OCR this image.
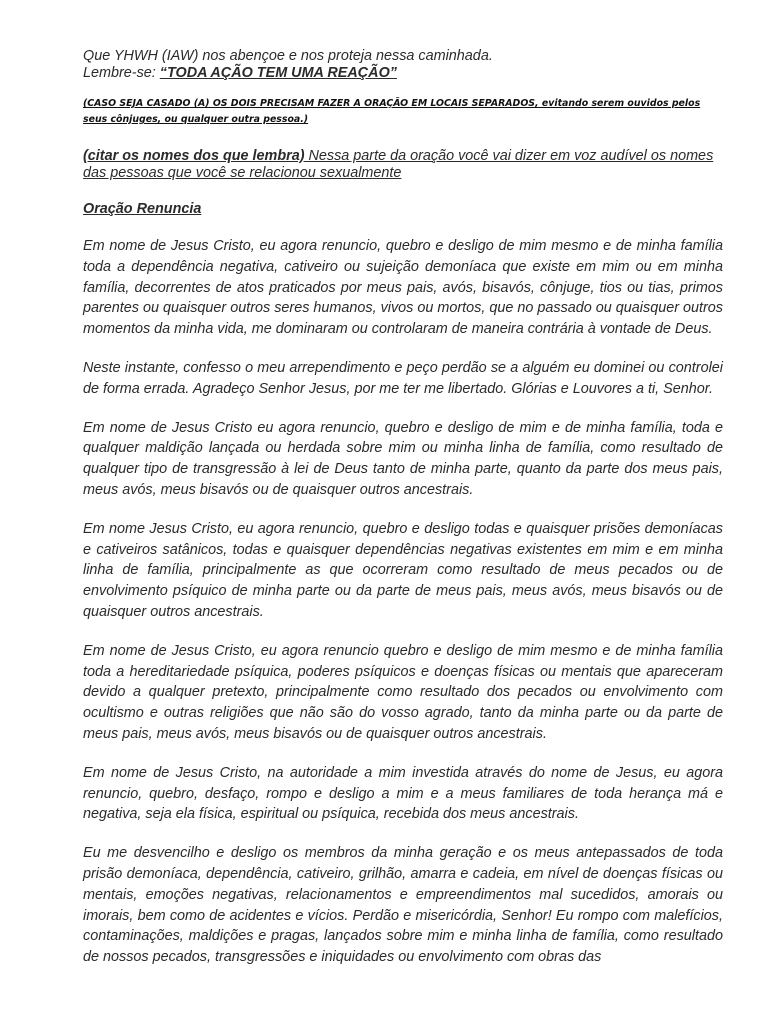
Que YHWH (IAW) nos abençoe e nos proteja nessa caminhada.
Lembre-se: “TODA AÇÃO TEM UMA REAÇÃO”
(CASO SEJA CASADO (A) OS DOIS PRECISAM FAZER A ORAÇÃO EM LOCAIS SEPARADOS, evitando serem ouvidos pelos seus cônjuges, ou qualquer outra pessoa.)
(citar os nomes dos que lembra) Nessa parte da oração você vai dizer em voz audível os nomes das pessoas que você se relacionou sexualmente
Oração Renuncia
Em nome de Jesus Cristo, eu agora renuncio, quebro e desligo de mim mesmo e de minha família toda a dependência negativa, cativeiro ou sujeição demoníaca que existe em mim ou em minha família, decorrentes de atos praticados por meus pais, avós, bisavós, cônjuge, tios ou tias, primos parentes ou quaisquer outros seres humanos, vivos ou mortos, que no passado ou quaisquer outros momentos da minha vida, me dominaram ou controlaram de maneira contrária à vontade de Deus.
Neste instante, confesso o meu arrependimento e peço perdão se a alguém eu dominei ou controlei de forma errada. Agradeço Senhor Jesus, por me ter me libertado. Glórias e Louvores a ti, Senhor.
Em nome de Jesus Cristo eu agora renuncio, quebro e desligo de mim e de minha família, toda e qualquer maldição lançada ou herdada sobre mim ou minha linha de família, como resultado de qualquer tipo de transgressão à lei de Deus tanto de minha parte, quanto da parte dos meus pais, meus avós, meus bisavós ou de quaisquer outros ancestrais.
Em nome Jesus Cristo, eu agora renuncio, quebro e desligo todas e quaisquer prisões demoníacas e cativeiros satânicos, todas e quaisquer dependências negativas existentes em mim e em minha linha de família, principalmente as que ocorreram como resultado de meus pecados ou de envolvimento psíquico de minha parte ou da parte de meus pais, meus avós, meus bisavós ou de quaisquer outros ancestrais.
Em nome de Jesus Cristo, eu agora renuncio quebro e desligo de mim mesmo e de minha família toda a hereditariedade psíquica, poderes psíquicos e doenças físicas ou mentais que apareceram devido a qualquer pretexto, principalmente como resultado dos pecados ou envolvimento com ocultismo e outras religiões que não são do vosso agrado, tanto da minha parte ou da parte de meus pais, meus avós, meus bisavós ou de quaisquer outros ancestrais.
Em nome de Jesus Cristo, na autoridade a mim investida através do nome de Jesus, eu agora renuncio, quebro, desfaço, rompo e desligo a mim e a meus familiares de toda herança má e negativa, seja ela física, espiritual ou psíquica, recebida dos meus ancestrais.
Eu me desvencilho e desligo os membros da minha geração e os meus antepassados de toda prisão demoníaca, dependência, cativeiro, grilhão, amarra e cadeia, em nível de doenças físicas ou mentais, emoções negativas, relacionamentos e empreendimentos mal sucedidos, amorais ou imorais, bem como de acidentes e vícios. Perdão e misericórdia, Senhor! Eu rompo com malefícios, contaminações, maldições e pragas, lançados sobre mim e minha linha de família, como resultado de nossos pecados, transgressões e iniquidades ou envolvimento com obras das
